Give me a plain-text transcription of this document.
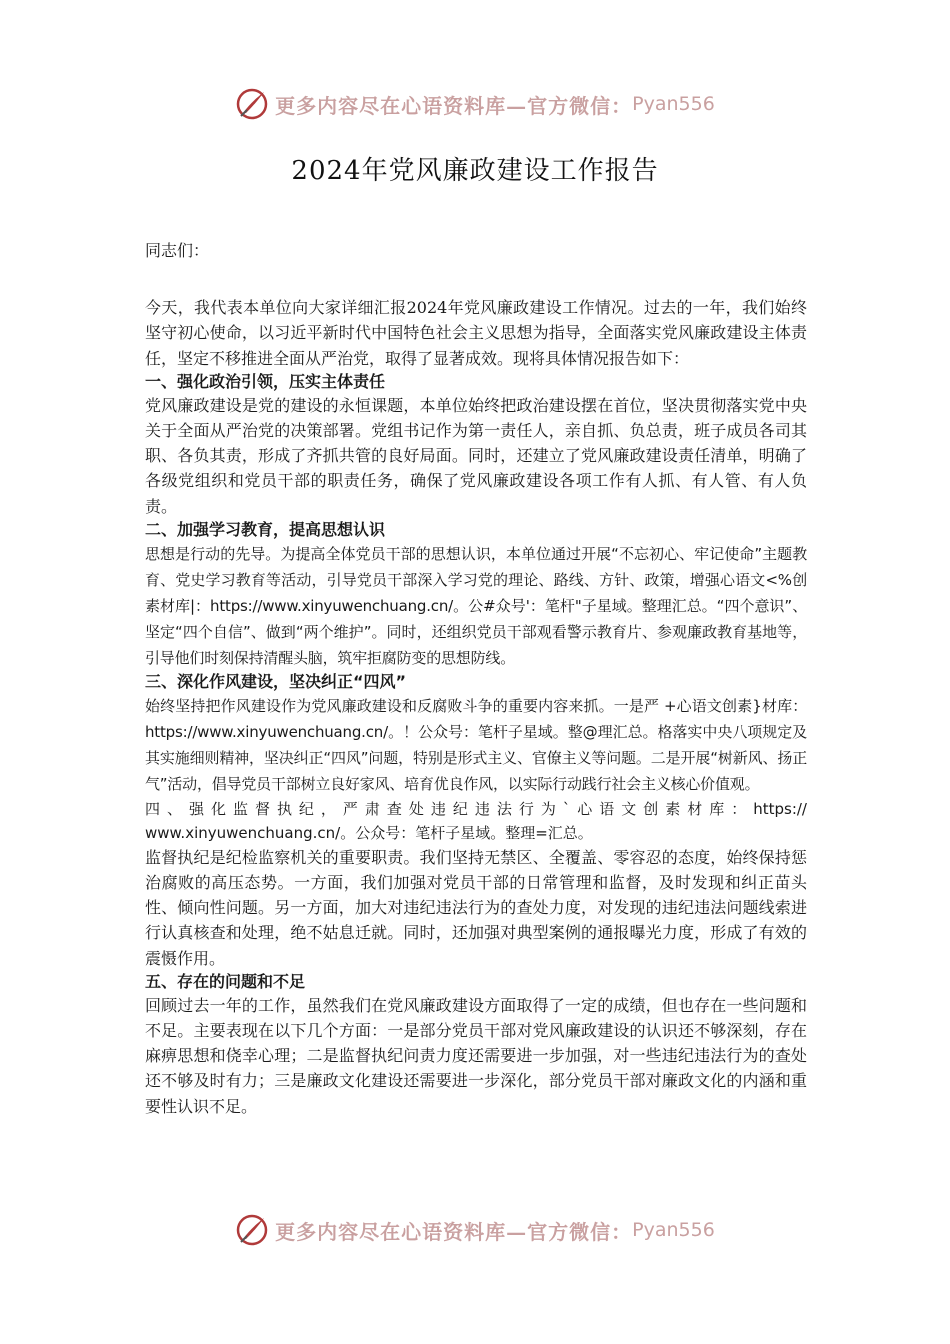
更多内容尽在心语资料库—官方微信： Pyan556
2024年党风廉政建设工作报告

同志们：

今天，我代表本单位向大家详细汇报2024年党风廉政建设工作情况。过去的一年，我们始终坚守初心使命，以习近平新时代中国特色社会主义思想为指导，全面落实党风廉政建设主体责任，坚定不移推进全面从严治党，取得了显著成效。现将具体情况报告如下：

一、强化政治引领，压实主体责任

党风廉政建设是党的建设的永恒课题，本单位始终把政治建设摆在首位，坚决贯彻落实党中央关于全面从严治党的决策部署。党组书记作为第一责任人，亲自抓、负总责，班子成员各司其职、各负其责，形成了齐抓共管的良好局面。同时，还建立了党风廉政建设责任清单，明确了各级党组织和党员干部的职责任务，确保了党风廉政建设各项工作有人抓、有人管、有人负责。

二、加强学习教育，提高思想认识

思想是行动的先导。为提高全体党员干部的思想认识，本单位通过开展“不忘初心、牢记使命”主题教育、党史学习教育等活动，引导党员干部深入学习党的理论、路线、方针、政策，增强心语文<%创素材库|：https://www.xinyuwenchuang.cn/。公#众号'：笔杆"子星域。整理汇总。“四个意识”、坚定“四个自信”、做到“两个维护”。同时，还组织党员干部观看警示教育片、参观廉政教育基地等，引导他们时刻保持清醒头脑，筑牢拒腐防变的思想防线。

三、深化作风建设，坚决纠正“四风”

始终坚持把作风建设作为党风廉政建设和反腐败斗争的重要内容来抓。一是严 +心语文创素}材库：https://www.xinyuwenchuang.cn/。！公众号：笔杆子星域。整@理汇总。格落实中央八项规定及其实施细则精神，坚决纠正“四风”问题，特别是形式主义、官僚主义等问题。二是开展“树新风、扬正气”活动，倡导党员干部树立良好家风、培育优良作风，以实际行动践行社会主义核心价值观。

四、强化监督执纪，严肃查处违纪违法行为`心语文创素材库：https://
www.xinyuwenchuang.cn/。公众号：笔杆子星域。整理=汇总。

监督执纪是纪检监察机关的重要职责。我们坚持无禁区、全覆盖、零容忍的态度，始终保持惩治腐败的高压态势。一方面，我们加强对党员干部的日常管理和监督，及时发现和纠正苗头性、倾向性问题。另一方面，加大对违纪违法行为的查处力度，对发现的违纪违法问题线索进行认真核查和处理，绝不姑息迁就。同时，还加强对典型案例的通报曝光力度，形成了有效的震慑作用。

五、存在的问题和不足

回顾过去一年的工作，虽然我们在党风廉政建设方面取得了一定的成绩，但也存在一些问题和不足。主要表现在以下几个方面：一是部分党员干部对党风廉政建设的认识还不够深刻，存在麻痹思想和侥幸心理；二是监督执纪问责力度还需要进一步加强，对一些违纪违法行为的查处还不够及时有力；三是廉政文化建设还需要进一步深化，部分党员干部对廉政文化的内涵和重要性认识不足。

更多内容尽在心语资料库—官方微信： Pyan556
